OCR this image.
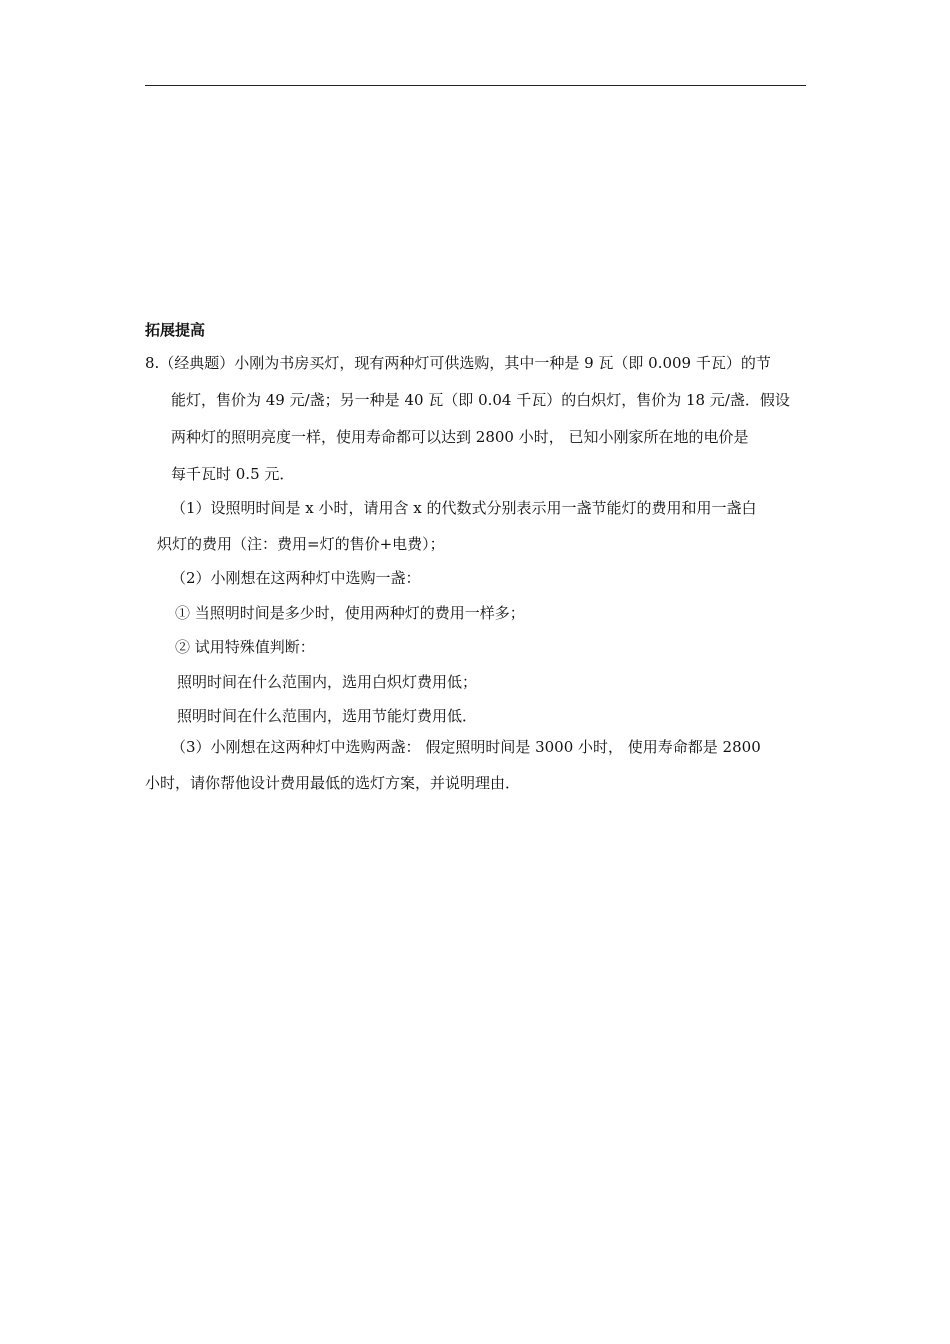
拓展提高
8.（经典题）小刚为书房买灯，现有两种灯可供选购，其中一种是 9 瓦（即 0.009 千瓦）的节
能灯，售价为 49 元/盏；另一种是 40 瓦（即 0.04 千瓦）的白炽灯，售价为 18 元/盏．假设
两种灯的照明亮度一样，使用寿命都可以达到 2800 小时， 已知小刚家所在地的电价是
每千瓦时 0.5 元．
（1）设照明时间是 x 小时，请用含 x 的代数式分别表示用一盏节能灯的费用和用一盏白
炽灯的费用（注：费用=灯的售价+电费）；
（2）小刚想在这两种灯中选购一盏：
① 当照明时间是多少时，使用两种灯的费用一样多；
② 试用特殊值判断：
照明时间在什么范围内，选用白炽灯费用低；
照明时间在什么范围内，选用节能灯费用低．
（3）小刚想在这两种灯中选购两盏： 假定照明时间是 3000 小时， 使用寿命都是 2800
小时，请你帮他设计费用最低的选灯方案，并说明理由．
